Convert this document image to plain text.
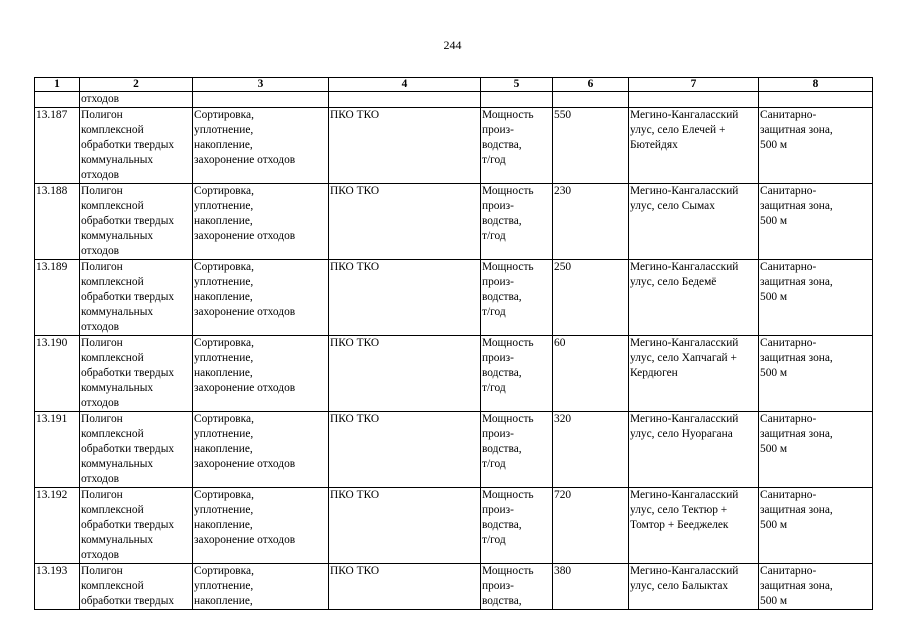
244
1	2	3	4	5	6	7	8
	отходов						
13.187	Полигон
комплексной
обработки твердых
коммунальных
отходов	Сортировка,
уплотнение,
накопление,
захоронение отходов	ПКО ТКО	Мощность
произ-
водства,
т/год	550	Мегино-Кангаласский
улус, село Елечей +
Бютейдях	Санитарно-
защитная зона,
500 м

13.188	Полигон
комплексной
обработки твердых
коммунальных
отходов	Сортировка,
уплотнение,
накопление,
захоронение отходов	ПКО ТКО	Мощность
произ-
водства,
т/год	230	Мегино-Кангаласский
улус, село Сымах	Санитарно-
защитная зона,
500 м

13.189	Полигон
комплексной
обработки твердых
коммунальных
отходов	Сортировка,
уплотнение,
накопление,
захоронение отходов	ПКО ТКО	Мощность
произ-
водства,
т/год	250	Мегино-Кангаласский
улус, село Бедемё	Санитарно-
защитная зона,
500 м

13.190	Полигон
комплексной
обработки твердых
коммунальных
отходов	Сортировка,
уплотнение,
накопление,
захоронение отходов	ПКО ТКО	Мощность
произ-
водства,
т/год	60	Мегино-Кангаласский
улус, село Хапчагай +
Кердюген	Санитарно-
защитная зона,
500 м

13.191	Полигон
комплексной
обработки твердых
коммунальных
отходов	Сортировка,
уплотнение,
накопление,
захоронение отходов	ПКО ТКО	Мощность
произ-
водства,
т/год	320	Мегино-Кангаласский
улус, село Нуорагана	Санитарно-
защитная зона,
500 м

13.192	Полигон
комплексной
обработки твердых
коммунальных
отходов	Сортировка,
уплотнение,
накопление,
захоронение отходов	ПКО ТКО	Мощность
произ-
водства,
т/год	720	Мегино-Кангаласский
улус, село Тектюр +
Томтор + Бееджелек	Санитарно-
защитная зона,
500 м

13.193	Полигон
комплексной
обработки твердых	Сортировка,
уплотнение,
накопление,	ПКО ТКО	Мощность
произ-
водства,	380	Мегино-Кангаласский
улус, село Балыктах	Санитарно-
защитная зона,
500 м
